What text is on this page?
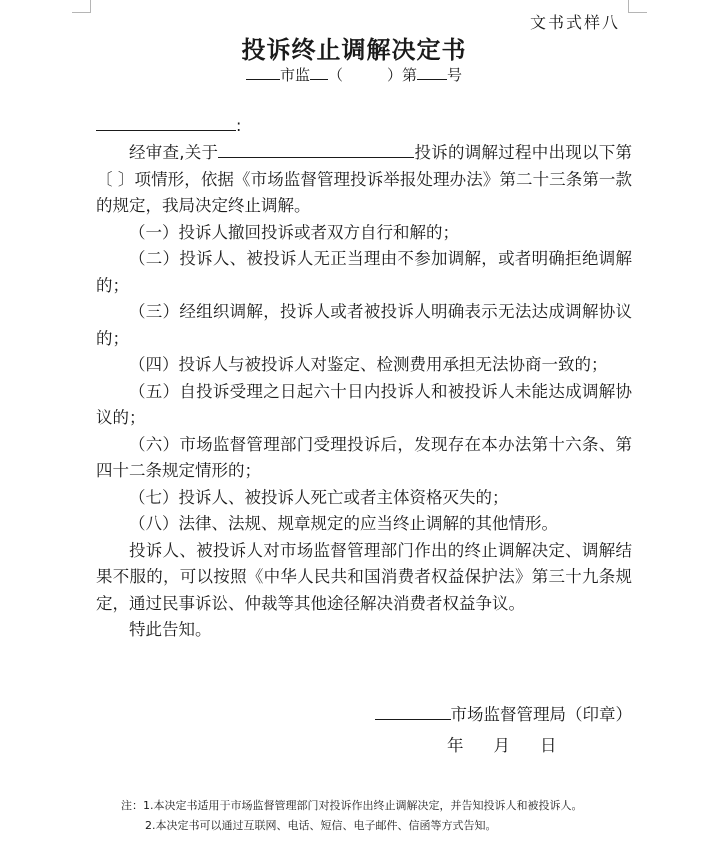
文书式样八
投诉终止调解决定书
市监 （	）第 号
:

经审查,关于	投诉的调解过程中出现以下第〔 〕项情形，依据《市场监督管理投诉举报处理办法》第二十三条第一款的规定，我局决定终止调解。

（一）投诉人撤回投诉或者双方自行和解的；

（二）投诉人、被投诉人无正当理由不参加调解，或者明确拒绝调解的；

（三）经组织调解，投诉人或者被投诉人明确表示无法达成调解协议的；

（四）投诉人与被投诉人对鉴定、检测费用承担无法协商一致的；

（五）自投诉受理之日起六十日内投诉人和被投诉人未能达成调解协议的；

（六）市场监督管理部门受理投诉后，发现存在本办法第十六条、第四十二条规定情形的；

（七）投诉人、被投诉人死亡或者主体资格灭失的；

（八）法律、法规、规章规定的应当终止调解的其他情形。

投诉人、被投诉人对市场监督管理部门作出的终止调解决定、调解结果不服的，可以按照《中华人民共和国消费者权益保护法》第三十九条规定，通过民事诉讼、仲裁等其他途径解决消费者权益争议。

特此告知。

市场监督管理局（印章）
年 月 日
注：1.本决定书适用于市场监督管理部门对投诉作出终止调解决定，并告知投诉人和被投诉人。
2.本决定书可以通过互联网、电话、短信、电子邮件、信函等方式告知。
